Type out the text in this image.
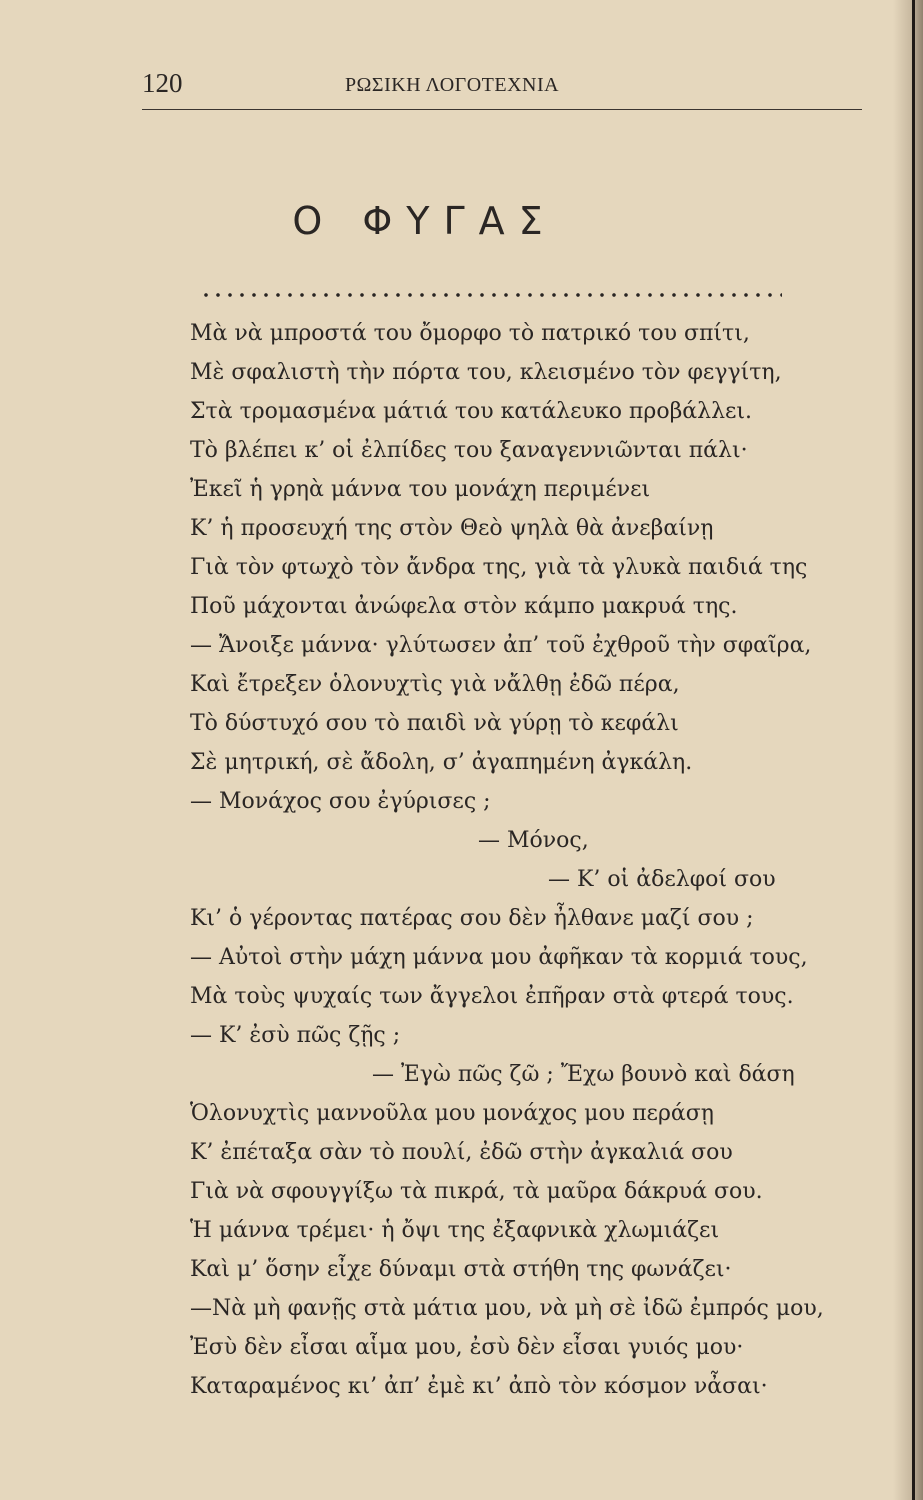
120	ΡΩΣΙΚΗ ΛΟΓΟΤΕΧΝΙΑ
Ο ΦΥΓΑΣ
Μὰ νὰ μπροστά του ὄμορφο τὸ πατρικό του σπίτι,
Μὲ σφαλιστὴ τὴν πόρτα του, κλεισμένο τὸν φεγγίτη,
Στὰ τρομασμένα μάτιά του κατάλευκο προβάλλει.
Τὸ βλέπει κ’ οἱ ἐλπίδες του ξαναγεννιῶνται πάλι·
Ἐκεῖ ἡ γρηὰ μάννα του μονάχη περιμένει
Κ’ ἡ προσευχή της στὸν Θεὸ ψηλὰ θὰ ἀνεβαίνῃ
Γιὰ τὸν φτωχὸ τὸν ἄνδρα της, γιὰ τὰ γλυκὰ παιδιά της
Ποῦ μάχονται ἀνώφελα στὸν κάμπο μακρυά της.
— Ἄνοιξε μάννα· γλύτωσεν ἀπ’ τοῦ ἐχθροῦ τὴν σφαῖρα,
Καὶ ἔτρεξεν ὁλονυχτὶς γιὰ νἄλθῃ ἐδῶ πέρα,
Τὸ δύστυχό σου τὸ παιδὶ νὰ γύρῃ τὸ κεφάλι
Σὲ μητρική, σὲ ἄδολη, σ’ ἀγαπημένη ἀγκάλη.
— Μονάχος σου ἐγύρισες ;
— Μόνος,
— Κ’ οἱ ἀδελφοί σου
Κι’ ὁ γέροντας πατέρας σου δὲν ἦλθανε μαζί σου ;
— Αὐτοὶ στὴν μάχη μάννα μου ἀφῆκαν τὰ κορμιά τους,
Μὰ τοὺς ψυχαίς των ἄγγελοι ἐπῆραν στὰ φτερά τους.
— Κ’ ἐσὺ πῶς ζῇς ;
— Ἐγὼ πῶς ζῶ ; Ἔχω βουνὸ καὶ δάση
Ὁλονυχτὶς μαννοῦλα μου μονάχος μου περάσῃ
Κ’ ἐπέταξα σὰν τὸ πουλί, ἐδῶ στὴν ἀγκαλιά σου
Γιὰ νὰ σφουγγίξω τὰ πικρά, τὰ μαῦρα δάκρυά σου.
Ἡ μάννα τρέμει· ἡ ὄψι της ἐξαφνικὰ χλωμιάζει
Καὶ μ’ ὅσην εἶχε δύναμι στὰ στήθη της φωνάζει·
—Νὰ μὴ φανῇς στὰ μάτια μου, νὰ μὴ σὲ ἰδῶ ἐμπρός μου,
Ἐσὺ δὲν εἶσαι αἷμα μου, ἐσὺ δὲν εἶσαι γυιός μου·
Καταραμένος κι’ ἀπ’ ἐμὲ κι’ ἀπὸ τὸν κόσμον νἆσαι·
